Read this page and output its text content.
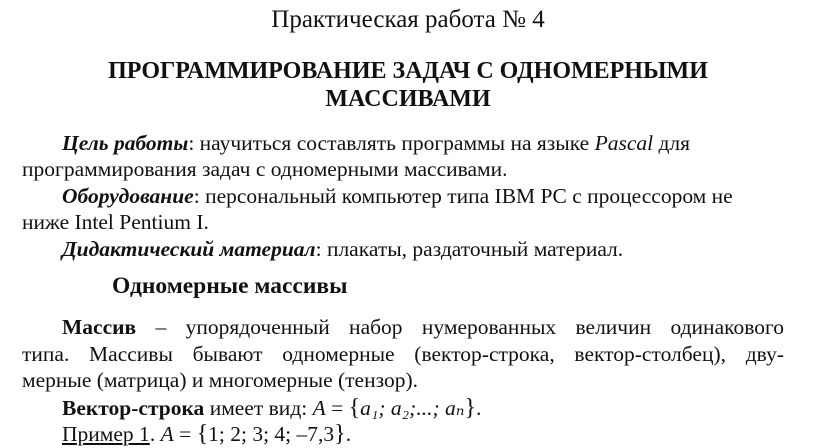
Практическая работа № 4
ПРОГРАММИРОВАНИЕ ЗАДАЧ С ОДНОМЕРНЫМИ
МАССИВАМИ
Цель работы: научиться составлять программы на языке Pascal для
программирования задач с одномерными массивами.
Оборудование: персональный компьютер типа IBM PC с процессором не
ниже Intel Pentium I.
Дидактический материал: плакаты, раздаточный материал.
Одномерные массивы
Массив – упорядоченный набор нумерованных величин одинакового
типа. Массивы бывают одномерные (вектор-строка, вектор-столбец), дву-
мерные (матрица) и многомерные (тензор).
Вектор-строка имеет вид: A = {a₁; a₂;...; aₙ}.
Пример 1. A = {1; 2; 3; 4; –7,3}.
